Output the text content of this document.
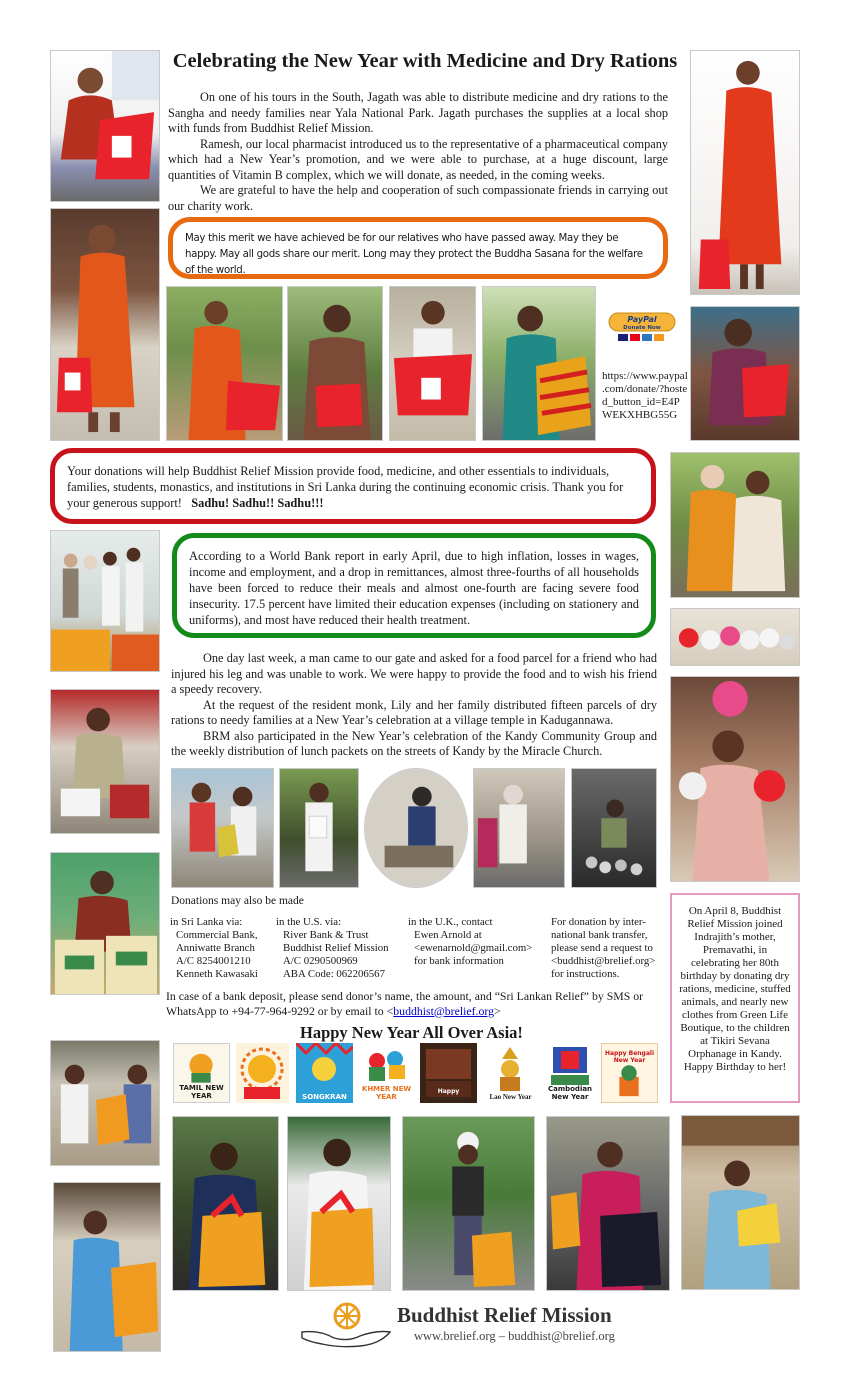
Celebrating the New Year with Medicine and Dry Rations

On one of his tours in the South, Jagath was able to distribute medicine and dry rations to the Sangha and needy families near Yala National Park. Jagath purchases the supplies at a local shop with funds from Buddhist Relief Mission.

Ramesh, our local pharmacist introduced us to the representative of a pharmaceutical company which had a New Year’s promotion, and we were able to purchase, at a huge discount, large quantities of Vitamin B complex, which we will donate, as needed, in the coming weeks.

We are grateful to have the help and cooperation of such compassionate friends in carrying out our charity work.

May this merit we have achieved be for our relatives who have passed away. May they be happy. May all gods share our merit. Long may they protect the Buddha Sasana for the welfare of the world.

PayPal
Donate Now
https://www.paypal
.com/donate/?hoste
d_button_id=E4P
WEKXHBG55G

Your donations will help Buddhist Relief Mission provide food, medicine, and other essentials to individuals, families, students, monastics, and institutions in Sri Lanka during the continuing economic crisis. Thank you for your generous support! Sadhu! Sadhu!! Sadhu!!!

According to a World Bank report in early April, due to high inflation, losses in wages, income and employment, and a drop in remittances, almost three-fourths of all households have been forced to reduce their meals and almost one-fourth are facing severe food insecurity. 17.5 percent have limited their education expenses (including on stationery and uniforms), and most have reduced their health treatment.

One day last week, a man came to our gate and asked for a food parcel for a friend who had injured his leg and was unable to work. We were happy to provide the food and to wish his friend a speedy recovery.

At the request of the resident monk, Lily and her family distributed fifteen parcels of dry rations to needy families at a New Year’s celebration at a village temple in Kadugannawa.

BRM also participated in the New Year’s celebration of the Kandy Community Group and the weekly distribution of lunch packets on the streets of Kandy by the Miracle Church.

Donations may also be made
in Sri Lanka via:
Commercial Bank,
Anniwatte Branch
A/C 8254001210
Kenneth Kawasaki
in the U.S. via:
River Bank & Trust
Buddhist Relief Mission
A/C 0290500969
ABA Code: 062206567
in the U.K., contact
Ewen Arnold at
<ewenarnold@gmail.com>
for bank information
For donation by inter-
national bank transfer,
please send a request to
<buddhist@brelief.org>
for instructions.
In case of a bank deposit, please send donor’s name, the amount, and “Sri Lankan Relief” by SMS or WhatsApp to +94-77-964-9292 or by email to <buddhist@brelief.org>

On April 8, Buddhist Relief Mission joined Indrajith’s mother, Premavathi, in celebrating her 80th birthday by donating dry rations, medicine, stuffed animals, and nearly new clothes from Green Life Boutique, to the children at Tikiri Sevana Orphanage in Kandy.

Happy Birthday to her!

Happy New Year All Over Asia!
TAMIL NEW YEAR	SONGKRAN
KHMER NEW YEAR
Happy
Lao New Year
Cambodian New Year
Happy Bengali New Year
Buddhist Relief Mission
www.brelief.org – buddhist@brelief.org
